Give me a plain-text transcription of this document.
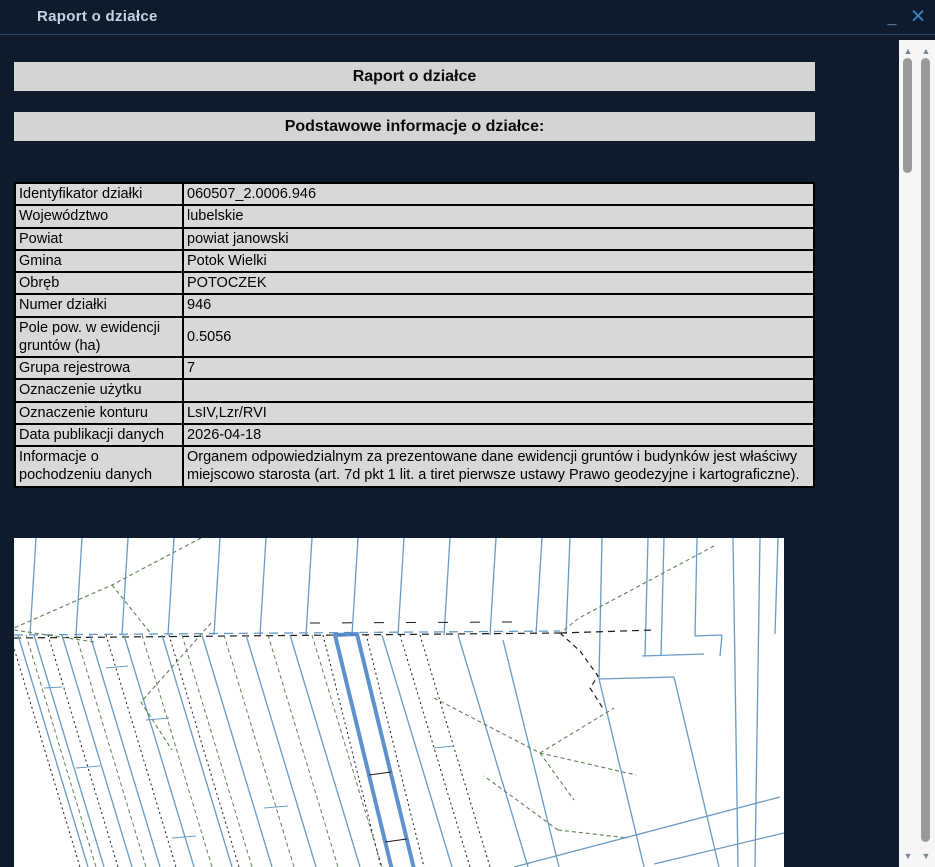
Raport o działce	_ ×
Raport o działce
Podstawowe informacje o działce:
Identyfikator działki	060507_2.0006.946
Województwo	lubelskie
Powiat	powiat janowski
Gmina	Potok Wielki
Obręb	POTOCZEK
Numer działki	946
Pole pow. w ewidencji gruntów (ha)	0.5056
Grupa rejestrowa	7
Oznaczenie użytku	
Oznaczenie konturu	LsIV,Lzr/RVI
Data publikacji danych	2026-04-18
Informacje o pochodzeniu danych	Organem odpowiedzialnym za prezentowane dane ewidencji gruntów i budynków jest właściwy miejscowo starosta (art. 7d pkt 1 lit. a tiret pierwsze ustawy Prawo geodezyjne i kartograficzne).
▲
▼
▲
▼
